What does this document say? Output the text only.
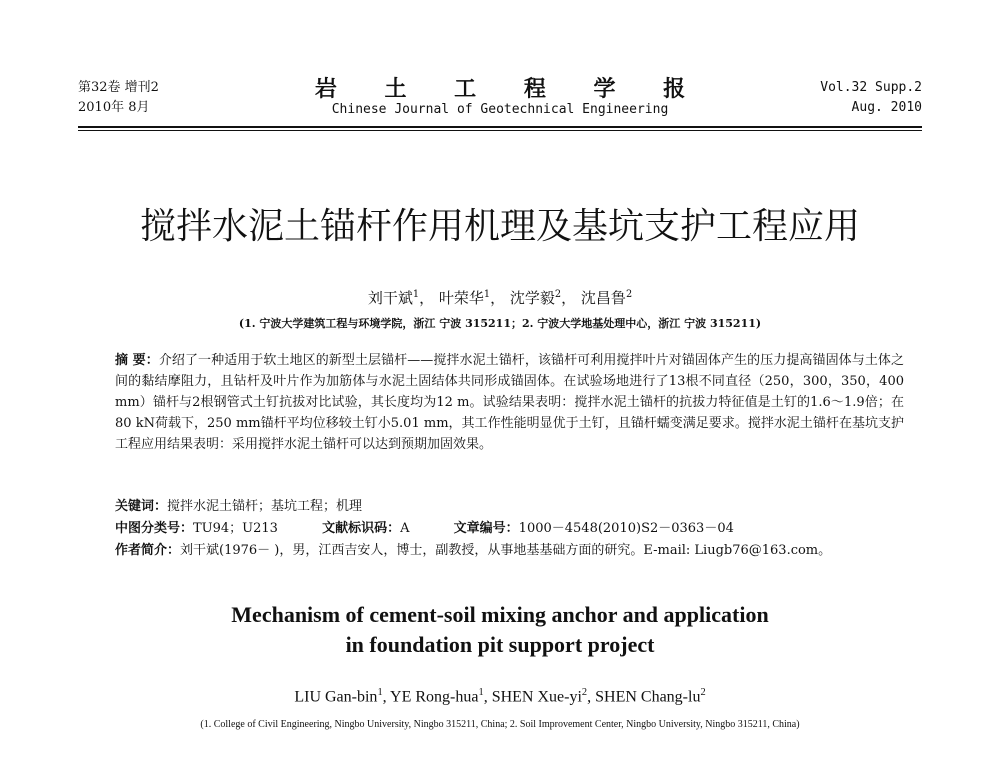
第32卷 增刊2
2010年 8月
岩 土 工 程 学 报
Chinese Journal of Geotechnical Engineering
Vol.32 Supp.2
Aug. 2010
搅拌水泥土锚杆作用机理及基坑支护工程应用
刘干斌$^1$， 叶荣华$^1$， 沈学毅$^2$， 沈昌鲁$^2$
(1. 宁波大学建筑工程与环境学院，浙江 宁波 315211；2. 宁波大学地基处理中心，浙江 宁波 315211)
摘 要：介绍了一种适用于软土地区的新型土层锚杆——搅拌水泥土锚杆，该锚杆可利用搅拌叶片对锚固体产生的压力提高锚固体与土体之间的黏结摩阻力，且钻杆及叶片作为加筋体与水泥土固结体共同形成锚固体。在试验场地进行了13根不同直径（250，300，350，400 mm）锚杆与2根钢管式土钉抗拔对比试验，其长度均为12 m。试验结果表明：搅拌水泥土锚杆的抗拔力特征值是土钉的1.6～1.9倍；在80 kN荷载下，250 mm锚杆平均位移较土钉小5.01 mm，其工作性能明显优于土钉，且锚杆蠕变满足要求。搅拌水泥土锚杆在基坑支护工程应用结果表明：采用搅拌水泥土锚杆可以达到预期加固效果。
关键词：搅拌水泥土锚杆；基坑工程；机理
中图分类号：TU94；U213	文献标识码：A	文章编号：1000－4548(2010)S2－0363－04
作者简介：刘干斌(1976－ )，男，江西吉安人，博士，副教授，从事地基基础方面的研究。E-mail: Liugb76@163.com。
Mechanism of cement-soil mixing anchor and application
in foundation pit support project
LIU Gan-bin$^1$, YE Rong-hua$^1$, SHEN Xue-$yi^2$, SHEN Chang-$lu^2$
(1. College of Civil Engineering, Ningbo University, Ningbo 315211, China; 2. Soil Improvement Center, Ningbo University, Ningbo 315211, China)
